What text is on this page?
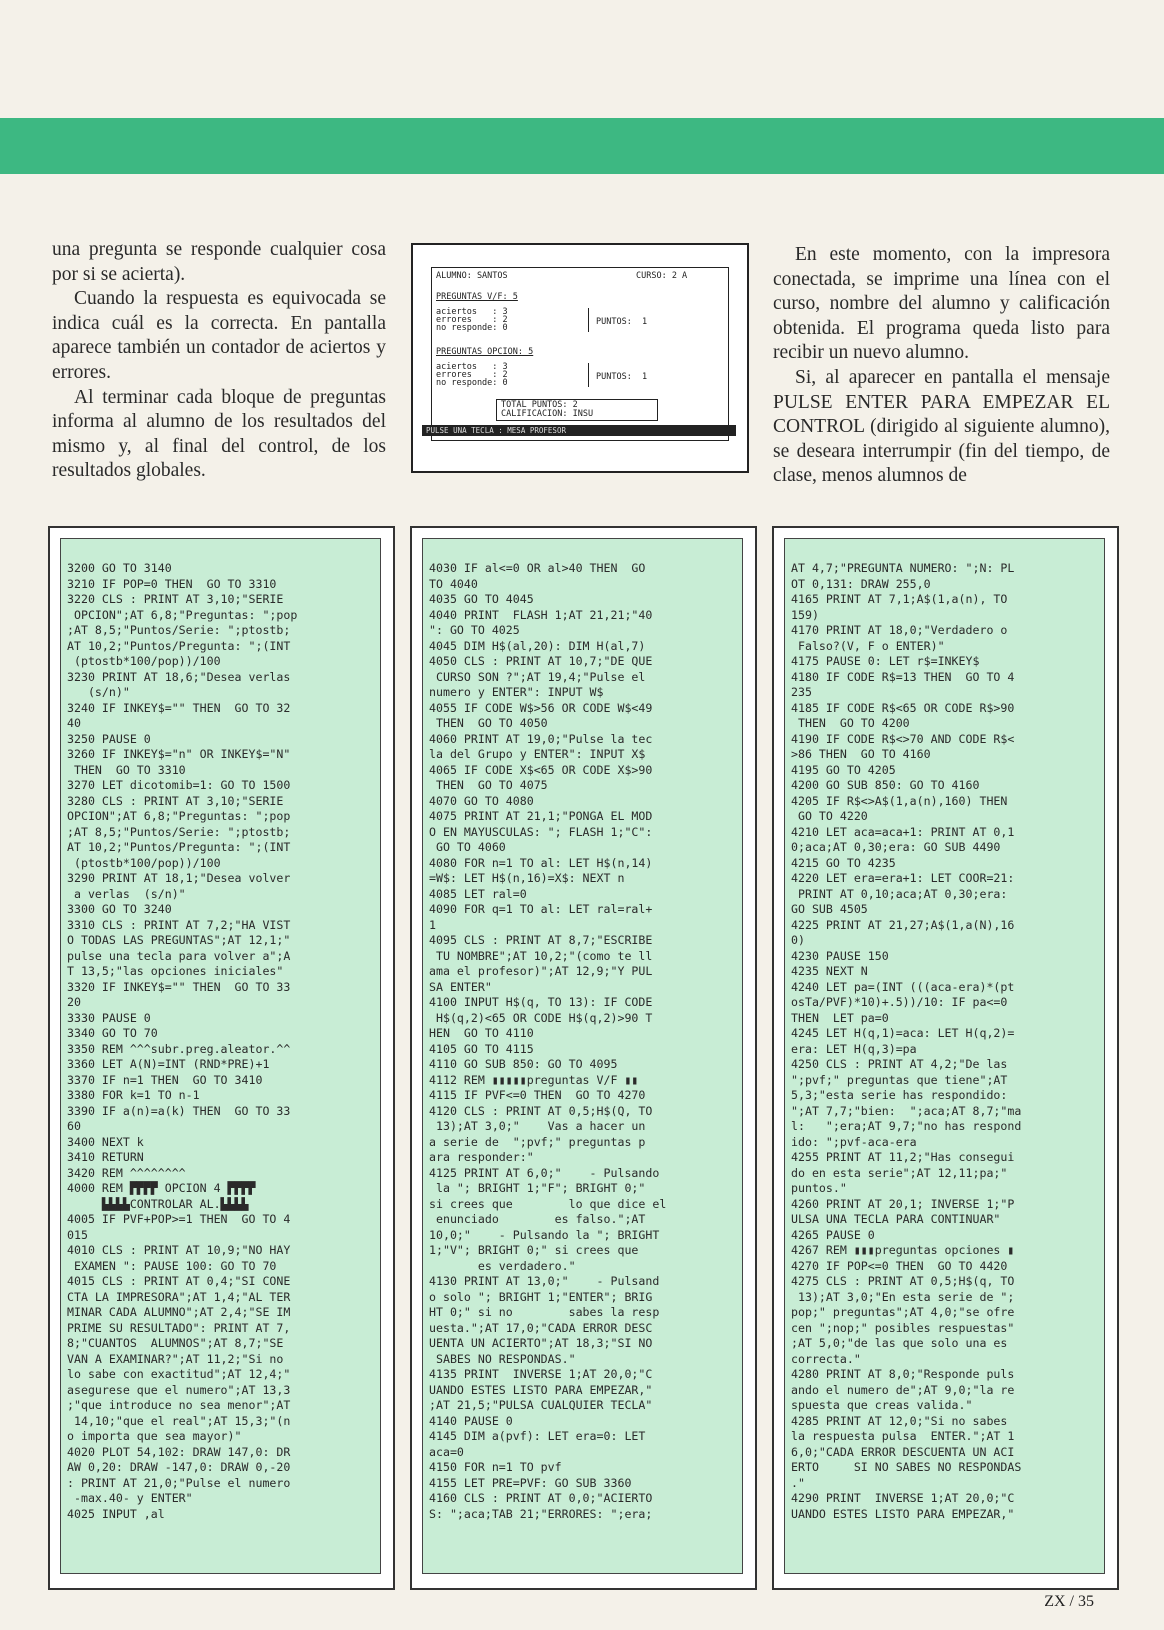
una pregunta se responde cualquier cosa por si se acierta).

Cuando la respuesta es equivocada se indica cuál es la correcta. En pantalla aparece también un contador de aciertos y errores.

Al terminar cada bloque de preguntas informa al alumno de los resultados del mismo y, al final del control, de los resultados globales.

ALUMNO: SANTOS	CURSO: 2 A
PREGUNTAS V/F: 5
aciertos   : 3
errores    : 2
no responde: 0
PUNTOS:  1
PREGUNTAS OPCION: 5
aciertos   : 3
errores    : 2
no responde: 0
PUNTOS:  1
TOTAL PUNTOS: 2
CALIFICACION: INSU
PULSE UNA TECLA : MESA PROFESOR

En este momento, con la impresora conectada, se imprime una línea con el curso, nombre del alumno y calificación obtenida. El programa queda listo para recibir un nuevo alumno.

Si, al aparecer en pantalla el mensaje PULSE ENTER PARA EMPEZAR EL CONTROL (dirigido al siguiente alumno), se deseara interrumpir (fin del tiempo, de clase, menos alumnos de

3200 GO TO 3140
3210 IF POP=0 THEN  GO TO 3310
3220 CLS : PRINT AT 3,10;"SERIE
OPCION";AT 6,8;"Preguntas: ";pop
;AT 8,5;"Puntos/Serie: ";ptostb;
AT 10,2;"Puntos/Pregunta: ";(INT
(ptostb*100/pop))/100
3230 PRINT AT 18,6;"Desea verlas
(s/n)"
3240 IF INKEY$="" THEN  GO TO 32
40
3250 PAUSE 0
3260 IF INKEY$="n" OR INKEY$="N"
THEN  GO TO 3310
3270 LET dicotomib=1: GO TO 1500
3280 CLS : PRINT AT 3,10;"SERIE
OPCION";AT 6,8;"Preguntas: ";pop
;AT 8,5;"Puntos/Serie: ";ptostb;
AT 10,2;"Puntos/Pregunta: ";(INT
(ptostb*100/pop))/100
3290 PRINT AT 18,1;"Desea volver
a verlas  (s/n)"
3300 GO TO 3240
3310 CLS : PRINT AT 7,2;"HA VIST
O TODAS LAS PREGUNTAS";AT 12,1;"
pulse una tecla para volver a";A
T 13,5;"las opciones iniciales"
3320 IF INKEY$="" THEN  GO TO 33
20
3330 PAUSE 0
3340 GO TO 70
3350 REM ^^^subr.preg.aleator.^^
3360 LET A(N)=INT (RND*PRE)+1
3370 IF n=1 THEN  GO TO 3410
3380 FOR k=1 TO n-1
3390 IF a(n)=a(k) THEN  GO TO 33
60
3400 NEXT k
3410 RETURN
3420 REM ^^^^^^^^
4000 REM ▛▛▛▛ OPCION 4 ▛▛▛▛
▙▙▙▙CONTROLAR AL.▙▙▙▙
4005 IF PVF+POP>=1 THEN  GO TO 4
015
4010 CLS : PRINT AT 10,9;"NO HAY
EXAMEN ": PAUSE 100: GO TO 70
4015 CLS : PRINT AT 0,4;"SI CONE
CTA LA IMPRESORA";AT 1,4;"AL TER
MINAR CADA ALUMNO";AT 2,4;"SE IM
PRIME SU RESULTADO": PRINT AT 7,
8;"CUANTOS  ALUMNOS";AT 8,7;"SE
VAN A EXAMINAR?";AT 11,2;"Si no
lo sabe con exactitud";AT 12,4;"
asegurese que el numero";AT 13,3
;"que introduce no sea menor";AT
14,10;"que el real";AT 15,3;"(n
o importa que sea mayor)"
4020 PLOT 54,102: DRAW 147,0: DR
AW 0,20: DRAW -147,0: DRAW 0,-20
: PRINT AT 21,0;"Pulse el numero
-max.40- y ENTER"
4025 INPUT ,al
4030 IF al<=0 OR al>40 THEN  GO
TO 4040
4035 GO TO 4045
4040 PRINT  FLASH 1;AT 21,21;"40
": GO TO 4025
4045 DIM H$(al,20): DIM H(al,7)
4050 CLS : PRINT AT 10,7;"DE QUE
CURSO SON ?";AT 19,4;"Pulse el
numero y ENTER": INPUT W$
4055 IF CODE W$>56 OR CODE W$<49
THEN  GO TO 4050
4060 PRINT AT 19,0;"Pulse la tec
la del Grupo y ENTER": INPUT X$
4065 IF CODE X$<65 OR CODE X$>90
THEN  GO TO 4075
4070 GO TO 4080
4075 PRINT AT 21,1;"PONGA EL MOD
O EN MAYUSCULAS: "; FLASH 1;"C":
GO TO 4060
4080 FOR n=1 TO al: LET H$(n,14)
=W$: LET H$(n,16)=X$: NEXT n
4085 LET ral=0
4090 FOR q=1 TO al: LET ral=ral+
1
4095 CLS : PRINT AT 8,7;"ESCRIBE
TU NOMBRE";AT 10,2;"(como te ll
ama el profesor)";AT 12,9;"Y PUL
SA ENTER"
4100 INPUT H$(q, TO 13): IF CODE
H$(q,2)<65 OR CODE H$(q,2)>90 T
HEN  GO TO 4110
4105 GO TO 4115
4110 GO SUB 850: GO TO 4095
4112 REM ▮▮▮▮▮preguntas V/F ▮▮
4115 IF PVF<=0 THEN  GO TO 4270
4120 CLS : PRINT AT 0,5;H$(Q, TO
13);AT 3,0;"    Vas a hacer un
a serie de  ";pvf;" preguntas p
ara responder:"
4125 PRINT AT 6,0;"    - Pulsando
la "; BRIGHT 1;"F"; BRIGHT 0;"
si crees que        lo que dice el
enunciado        es falso.";AT
10,0;"    - Pulsando la "; BRIGHT
1;"V"; BRIGHT 0;" si crees que
es verdadero."
4130 PRINT AT 13,0;"    - Pulsand
o solo "; BRIGHT 1;"ENTER"; BRIG
HT 0;" si no        sabes la resp
uesta.";AT 17,0;"CADA ERROR DESC
UENTA UN ACIERTO";AT 18,3;"SI NO
SABES NO RESPONDAS."
4135 PRINT  INVERSE 1;AT 20,0;"C
UANDO ESTES LISTO PARA EMPEZAR,"
;AT 21,5;"PULSA CUALQUIER TECLA"
4140 PAUSE 0
4145 DIM a(pvf): LET era=0: LET
aca=0
4150 FOR n=1 TO pvf
4155 LET PRE=PVF: GO SUB 3360
4160 CLS : PRINT AT 0,0;"ACIERTO
S: ";aca;TAB 21;"ERRORES: ";era;
AT 4,7;"PREGUNTA NUMERO: ";N: PL
OT 0,131: DRAW 255,0
4165 PRINT AT 7,1;A$(1,a(n), TO
159)
4170 PRINT AT 18,0;"Verdadero o
Falso?(V, F o ENTER)"
4175 PAUSE 0: LET r$=INKEY$
4180 IF CODE R$=13 THEN  GO TO 4
235
4185 IF CODE R$<65 OR CODE R$>90
THEN  GO TO 4200
4190 IF CODE R$<>70 AND CODE R$<
>86 THEN  GO TO 4160
4195 GO TO 4205
4200 GO SUB 850: GO TO 4160
4205 IF R$<>A$(1,a(n),160) THEN
GO TO 4220
4210 LET aca=aca+1: PRINT AT 0,1
0;aca;AT 0,30;era: GO SUB 4490
4215 GO TO 4235
4220 LET era=era+1: LET COOR=21:
PRINT AT 0,10;aca;AT 0,30;era:
GO SUB 4505
4225 PRINT AT 21,27;A$(1,a(N),16
0)
4230 PAUSE 150
4235 NEXT N
4240 LET pa=(INT (((aca-era)*(pt
osTa/PVF)*10)+.5))/10: IF pa<=0
THEN  LET pa=0
4245 LET H(q,1)=aca: LET H(q,2)=
era: LET H(q,3)=pa
4250 CLS : PRINT AT 4,2;"De las
";pvf;" preguntas que tiene";AT
5,3;"esta serie has respondido:
";AT 7,7;"bien:  ";aca;AT 8,7;"ma
l:   ";era;AT 9,7;"no has respond
ido: ";pvf-aca-era
4255 PRINT AT 11,2;"Has consegui
do en esta serie";AT 12,11;pa;"
puntos."
4260 PRINT AT 20,1; INVERSE 1;"P
ULSA UNA TECLA PARA CONTINUAR"
4265 PAUSE 0
4267 REM ▮▮▮preguntas opciones ▮
4270 IF POP<=0 THEN  GO TO 4420
4275 CLS : PRINT AT 0,5;H$(q, TO
13);AT 3,0;"En esta serie de ";
pop;" preguntas";AT 4,0;"se ofre
cen ";nop;" posibles respuestas"
;AT 5,0;"de las que solo una es
correcta."
4280 PRINT AT 8,0;"Responde puls
ando el numero de";AT 9,0;"la re
spuesta que creas valida."
4285 PRINT AT 12,0;"Si no sabes
la respuesta pulsa  ENTER.";AT 1
6,0;"CADA ERROR DESCUENTA UN ACI
ERTO     SI NO SABES NO RESPONDAS
."
4290 PRINT  INVERSE 1;AT 20,0;"C
UANDO ESTES LISTO PARA EMPEZAR,"
ZX / 35
